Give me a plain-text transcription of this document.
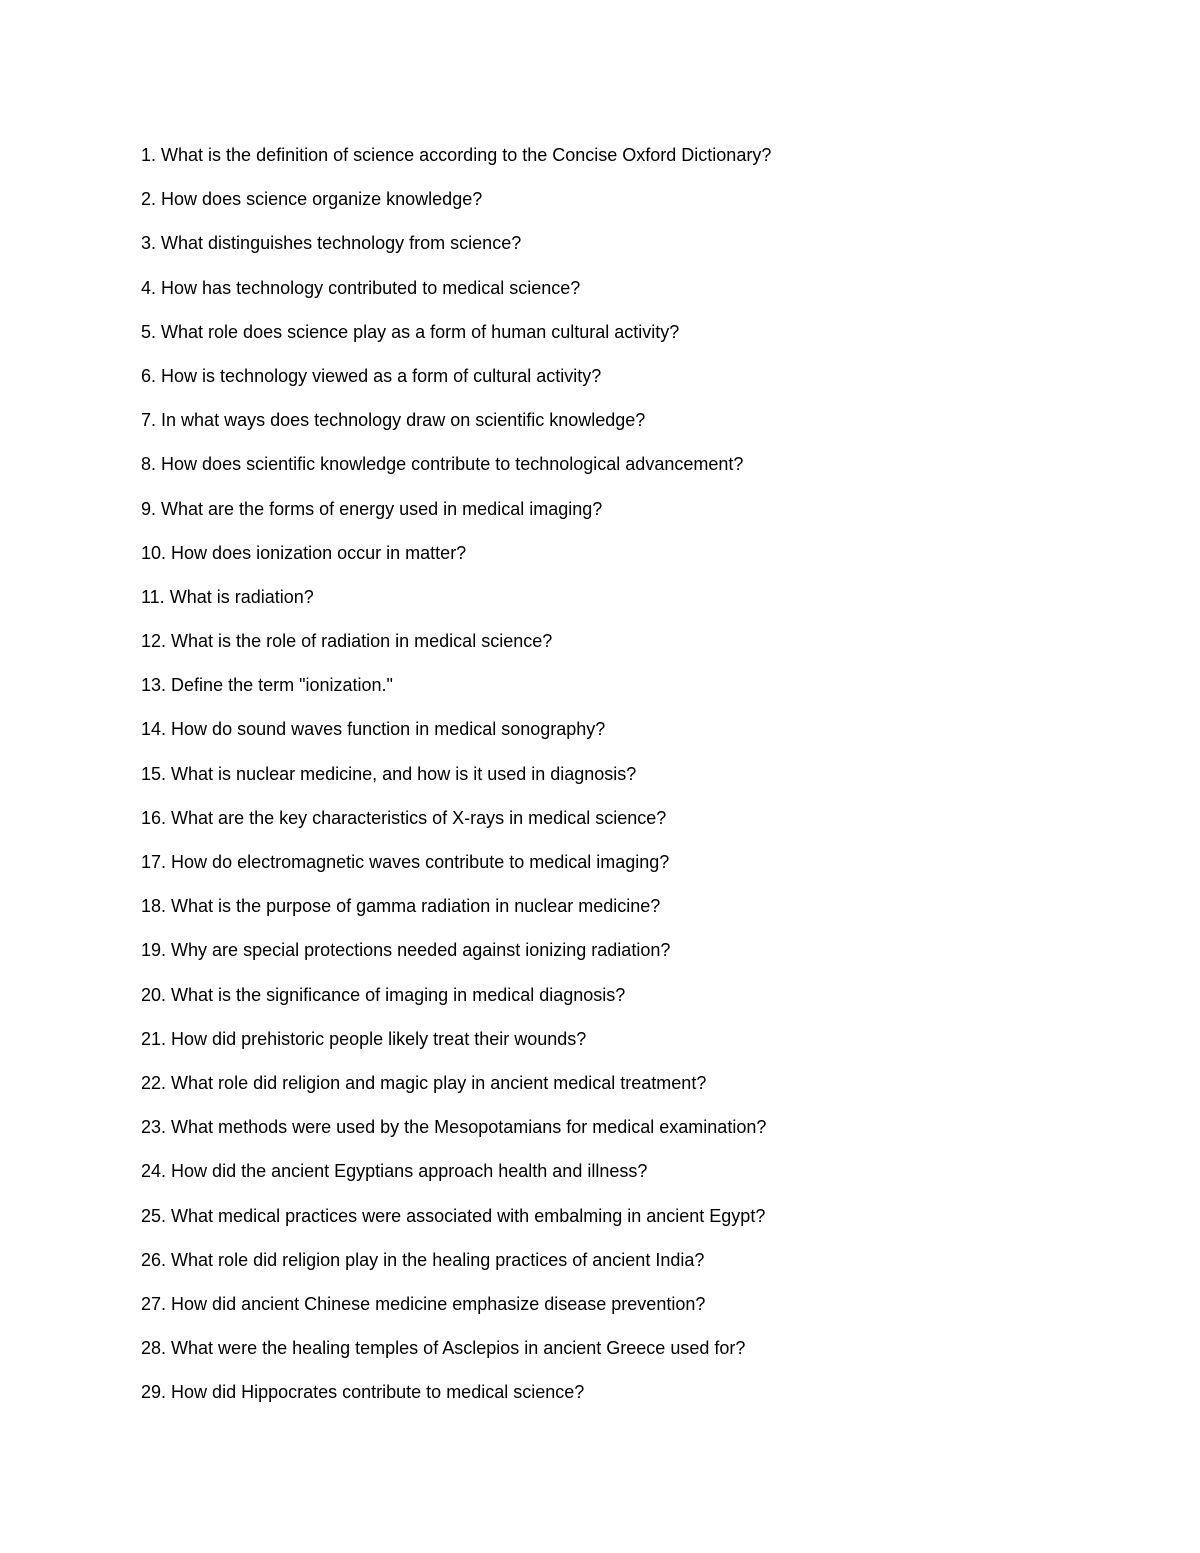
1. What is the definition of science according to the Concise Oxford Dictionary?
2. How does science organize knowledge?
3. What distinguishes technology from science?
4. How has technology contributed to medical science?
5. What role does science play as a form of human cultural activity?
6. How is technology viewed as a form of cultural activity?
7. In what ways does technology draw on scientific knowledge?
8. How does scientific knowledge contribute to technological advancement?
9. What are the forms of energy used in medical imaging?
10. How does ionization occur in matter?
11. What is radiation?
12. What is the role of radiation in medical science?
13. Define the term "ionization."
14. How do sound waves function in medical sonography?
15. What is nuclear medicine, and how is it used in diagnosis?
16. What are the key characteristics of X-rays in medical science?
17. How do electromagnetic waves contribute to medical imaging?
18. What is the purpose of gamma radiation in nuclear medicine?
19. Why are special protections needed against ionizing radiation?
20. What is the significance of imaging in medical diagnosis?
21. How did prehistoric people likely treat their wounds?
22. What role did religion and magic play in ancient medical treatment?
23. What methods were used by the Mesopotamians for medical examination?
24. How did the ancient Egyptians approach health and illness?
25. What medical practices were associated with embalming in ancient Egypt?
26. What role did religion play in the healing practices of ancient India?
27. How did ancient Chinese medicine emphasize disease prevention?
28. What were the healing temples of Asclepios in ancient Greece used for?
29. How did Hippocrates contribute to medical science?
